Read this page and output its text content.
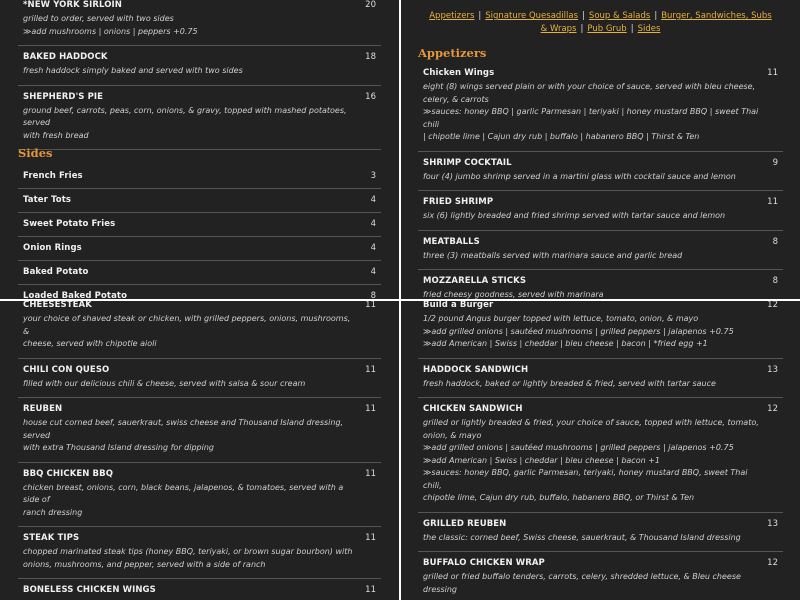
*NEW YORK SIRLOIN	20
grilled to order, served with two sides
≫add mushrooms | onions | peppers +0.75
BAKED HADDOCK	18
fresh haddock simply baked and served with two sides
SHEPHERD'S PIE	16
ground beef, carrots, peas, corn, onions, & gravy, topped with mashed potatoes, served
with fresh bread
Sides
French Fries	3
Tater Tots	4
Sweet Potato Fries	4
Onion Rings	4
Baked Potato	4
Loaded Baked Potato	8
Appetizers | Signature Quesadillas | Soup & Salads | Burger, Sandwiches, Subs & Wraps | Pub Grub | Sides
Appetizers
Chicken Wings	11
eight (8) wings served plain or with your choice of sauce, served with bleu cheese,
celery, & carrots
≫sauces: honey BBQ | garlic Parmesan | teriyaki | honey mustard BBQ | sweet Thai chili
| chipotle lime | Cajun dry rub | buffalo | habanero BBQ | Thirst & Ten
SHRIMP COCKTAIL	9
four (4) jumbo shrimp served in a martini glass with cocktail sauce and lemon
FRIED SHRIMP	11
six (6) lightly breaded and fried shrimp served with tartar sauce and lemon
MEATBALLS	8
three (3) meatballs served with marinara sauce and garlic bread
MOZZARELLA STICKS	8
fried cheesy goodness, served with marinara
CHEESESTEAK	11
your choice of shaved steak or chicken, with grilled peppers, onions, mushrooms, &
cheese, served with chipotle aioli
CHILI CON QUESO	11
filled with our delicious chili & cheese, served with salsa & sour cream
REUBEN	11
house cut corned beef, sauerkraut, swiss cheese and Thousand Island dressing, served
with extra Thousand Island dressing for dipping
BBQ CHICKEN BBQ	11
chicken breast, onions, corn, black beans, jalapenos, & tomatoes, served with a side of
ranch dressing
STEAK TIPS	11
chopped marinated steak tips (honey BBQ, teriyaki, or brown sugar bourbon) with
onions, mushrooms, and pepper, served with a side of ranch
BONELESS CHICKEN WINGS	11
Build a Burger	12
1/2 pound Angus burger topped with lettuce, tomato, onion, & mayo
≫add grilled onions | sautéed mushrooms | grilled peppers | jalapenos +0.75
≫add American | Swiss | cheddar | bleu cheese | bacon | *fried egg +1
HADDOCK SANDWICH	13
fresh haddock, baked or lightly breaded & fried, served with tartar sauce
CHICKEN SANDWICH	12
grilled or lightly breaded & fried, your choice of sauce, topped with lettuce, tomato,
onion, & mayo
≫add grilled onions | sautéed mushrooms | grilled peppers | jalapenos +0.75
≫add American | Swiss | cheddar | bleu cheese | bacon +1
≫sauces: honey BBQ, garlic Parmesan, teriyaki, honey mustard BBQ, sweet Thai chili,
chipotle lime, Cajun dry rub, buffalo, habanero BBQ, or Thirst & Ten
GRILLED REUBEN	13
the classic: corned beef, Swiss cheese, sauerkraut, & Thousand Island dressing
BUFFALO CHICKEN WRAP	12
grilled or fried buffalo tenders, carrots, celery, shredded lettuce, & Bleu cheese dressing
